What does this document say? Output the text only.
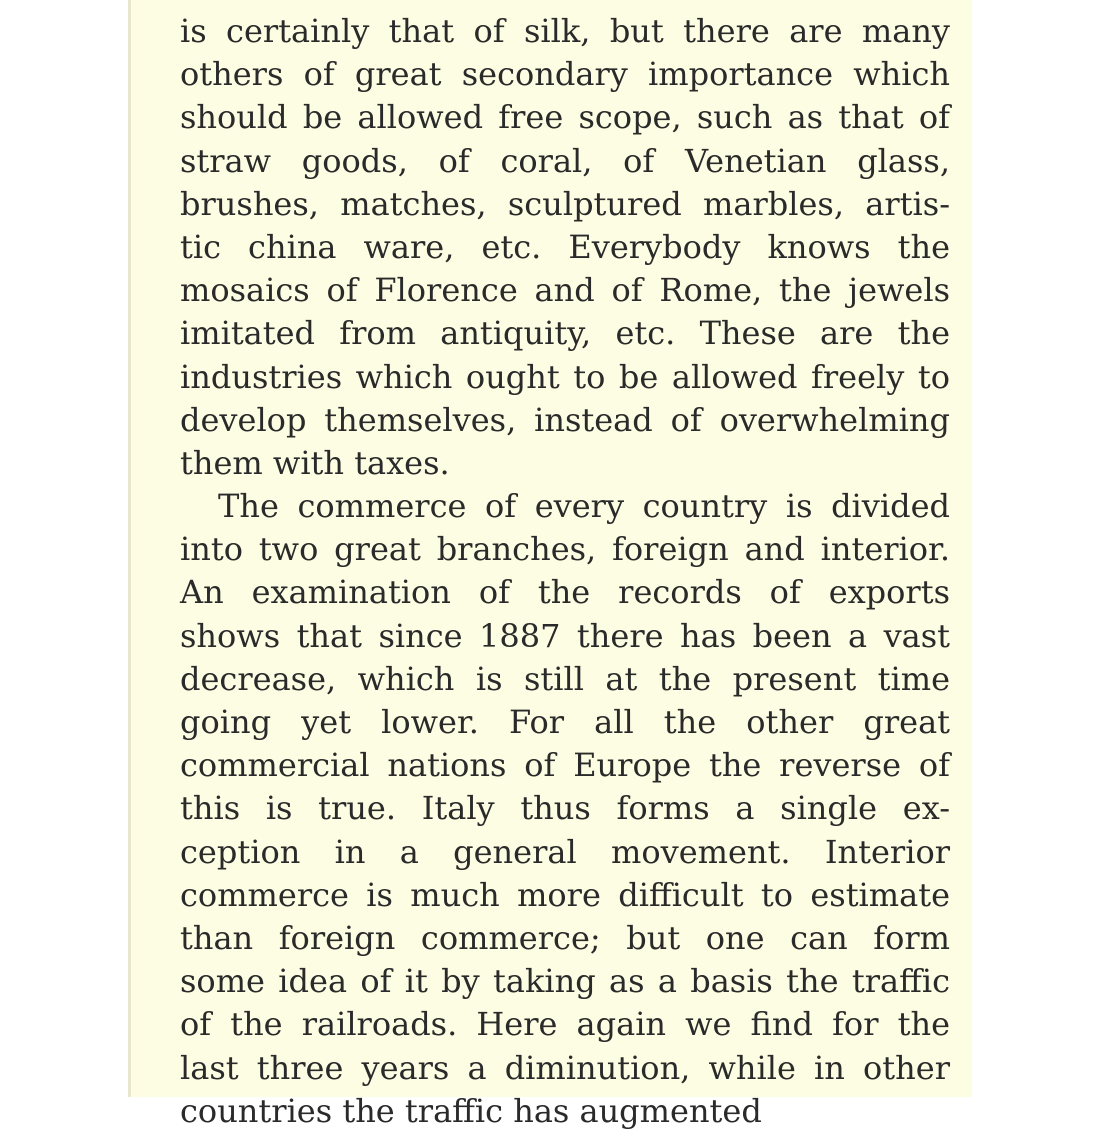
is certainly that of silk, but there are many
others of great secondary importance which
should be allowed free scope, such as that of
straw goods, of coral, of Venetian glass,
brushes, matches, sculptured marbles, artis-
tic china ware, etc. Everybody knows the
mosaics of Florence and of Rome, the jewels
imitated from antiquity, etc. These are the
industries which ought to be allowed freely to
develop themselves, instead of overwhelming
them with taxes.
The commerce of every country is divided
into two great branches, foreign and interior.
An examination of the records of exports
shows that since 1887 there has been a vast
decrease, which is still at the present time
going yet lower. For all the other great
commercial nations of Europe the reverse of
this is true. Italy thus forms a single ex-
ception in a general movement. Interior
commerce is much more difficult to estimate
than foreign commerce; but one can form
some idea of it by taking as a basis the traffic
of the railroads. Here again we find for the
last three years a diminution, while in other
countries the traffic has augmented
